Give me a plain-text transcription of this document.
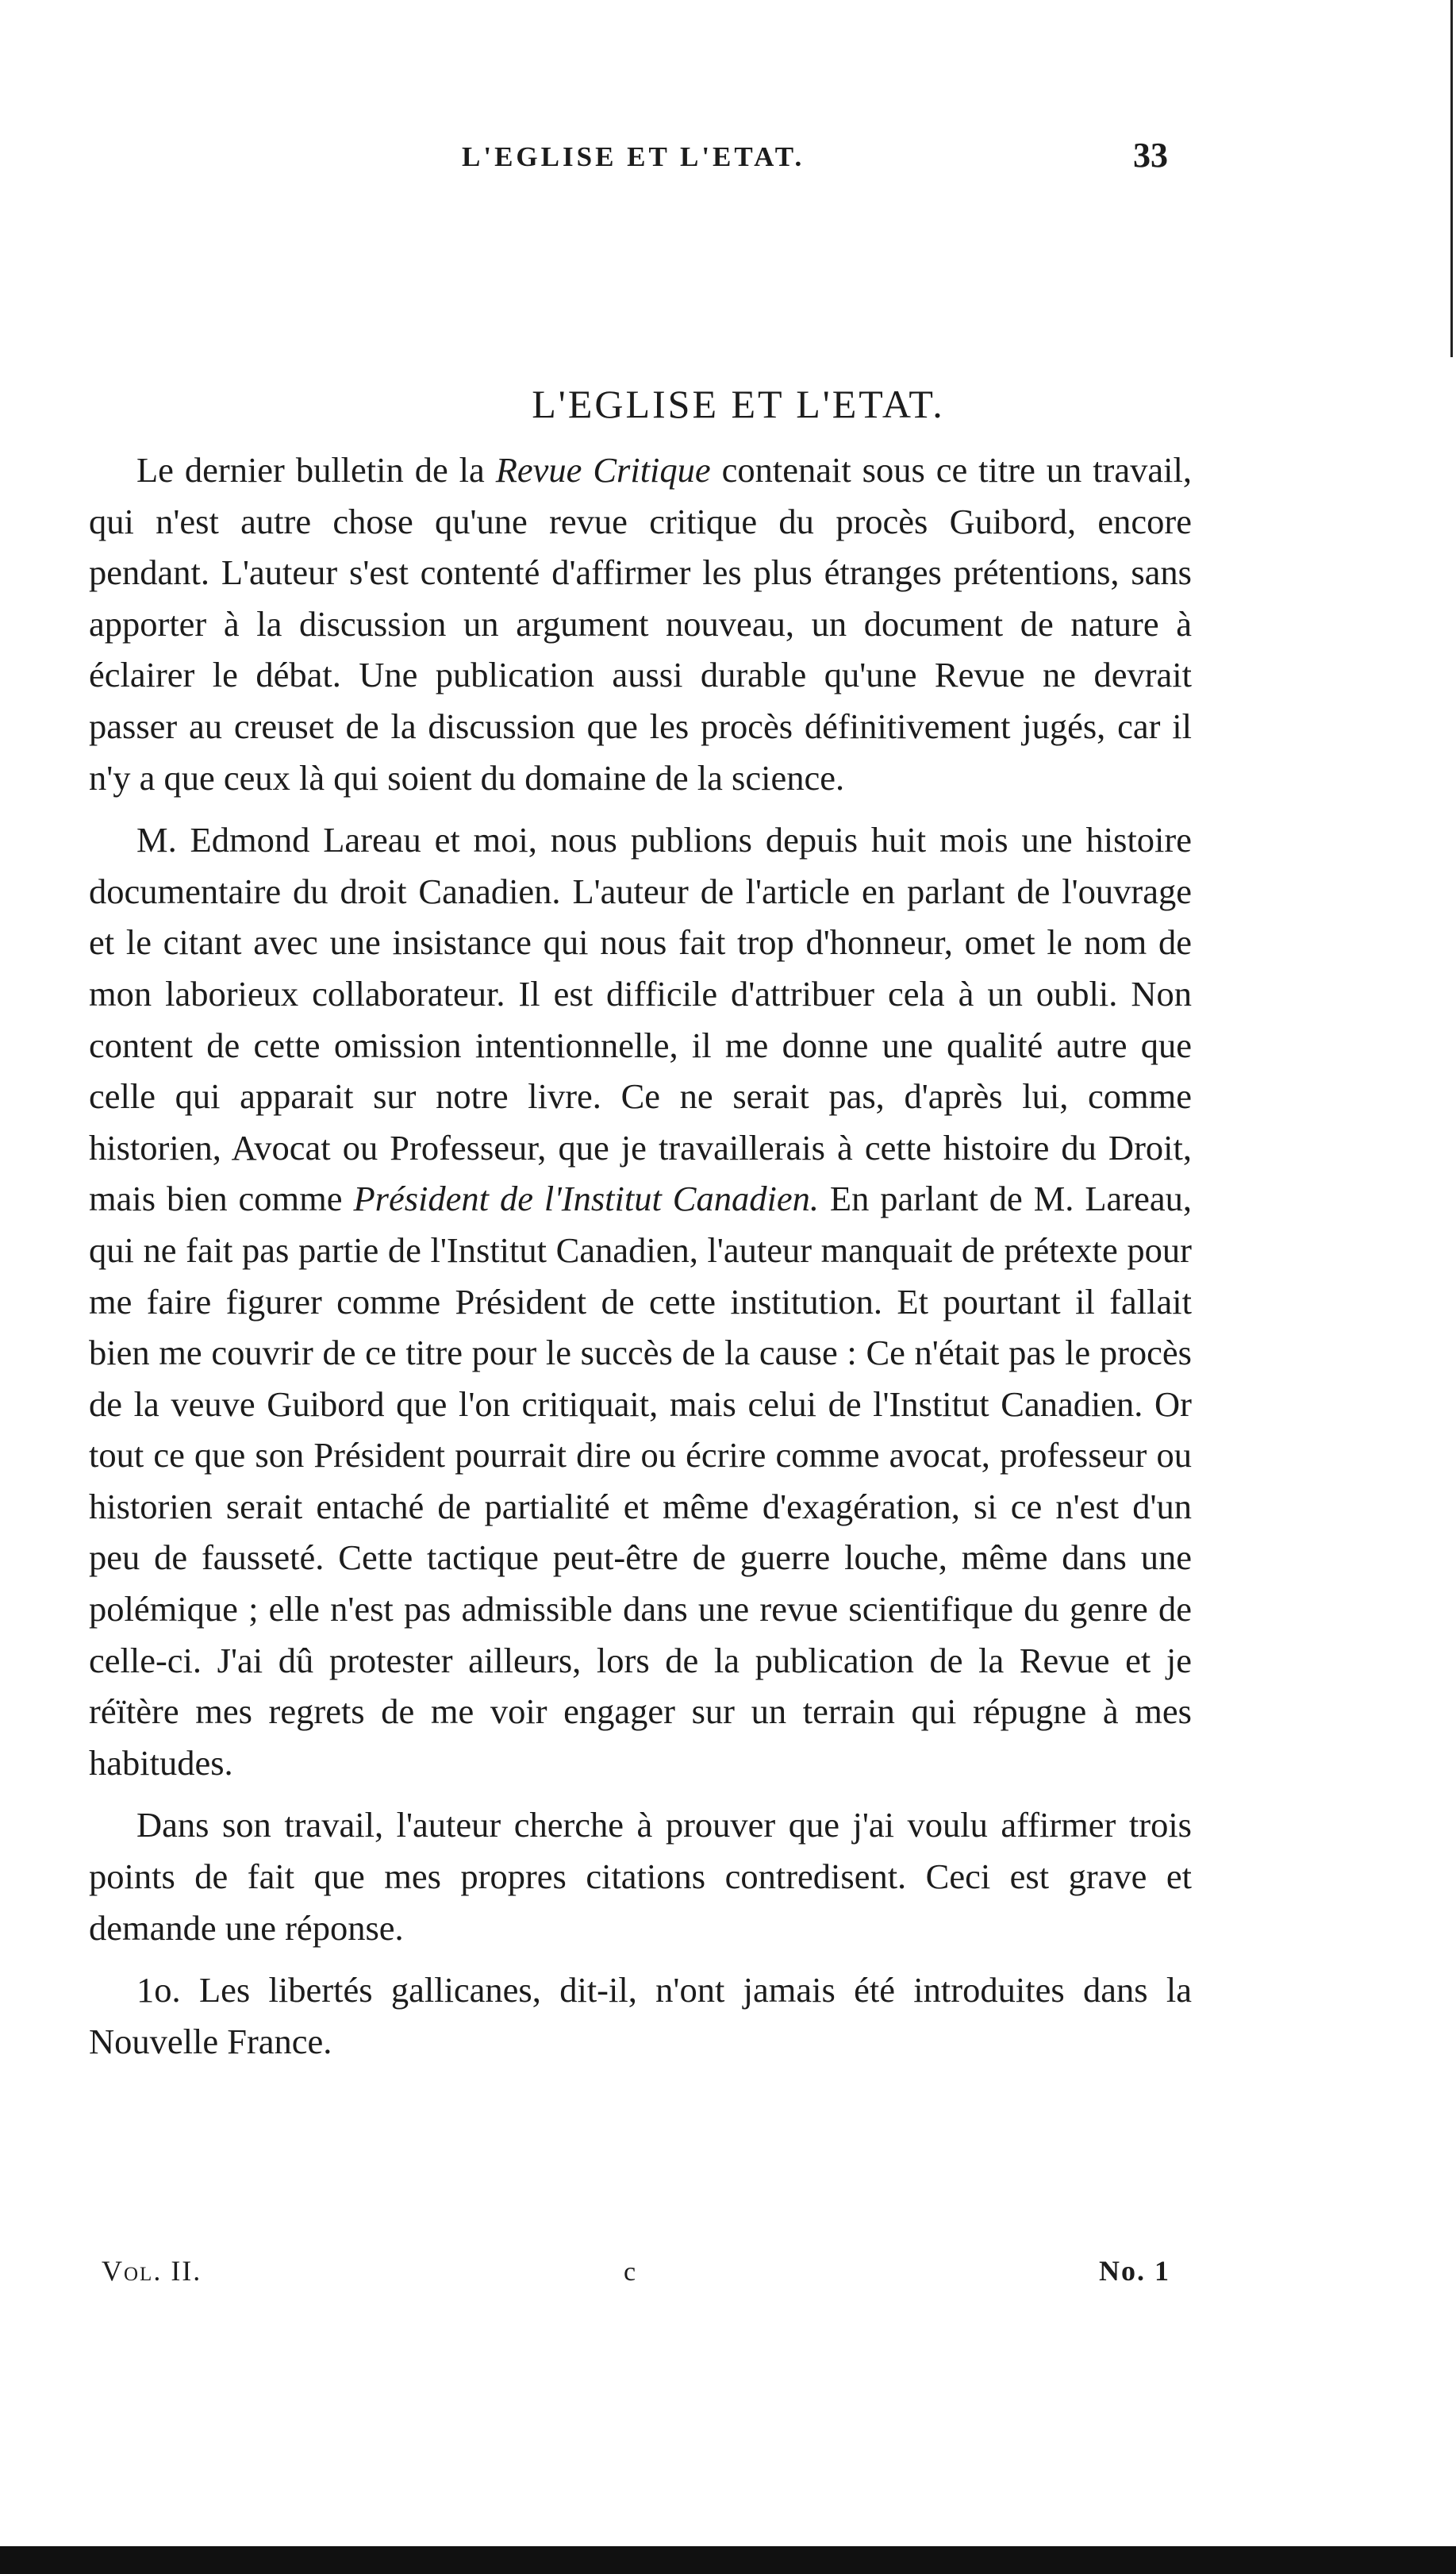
L'EGLISE ET L'ETAT.	33
L'EGLISE ET L'ETAT.

Le dernier bulletin de la Revue Critique contenait sous ce titre un travail, qui n'est autre chose qu'une revue critique du procès Guibord, encore pendant. L'auteur s'est contenté d'affirmer les plus étranges prétentions, sans apporter à la discussion un argument nouveau, un document de nature à éclairer le débat. Une publication aussi durable qu'une Revue ne devrait passer au creuset de la discussion que les procès définitivement jugés, car il n'y a que ceux là qui soient du domaine de la science.

M. Edmond Lareau et moi, nous publions depuis huit mois une histoire documentaire du droit Canadien. L'auteur de l'article en parlant de l'ouvrage et le citant avec une insistance qui nous fait trop d'honneur, omet le nom de mon laborieux collaborateur. Il est difficile d'attribuer cela à un oubli. Non content de cette omission intentionnelle, il me donne une qualité autre que celle qui apparait sur notre livre. Ce ne serait pas, d'après lui, comme historien, Avocat ou Professeur, que je travaillerais à cette histoire du Droit, mais bien comme Président de l'Institut Canadien. En parlant de M. Lareau, qui ne fait pas partie de l'Institut Canadien, l'auteur manquait de prétexte pour me faire figurer comme Président de cette institution. Et pourtant il fallait bien me couvrir de ce titre pour le succès de la cause : Ce n'était pas le procès de la veuve Guibord que l'on critiquait, mais celui de l'Institut Canadien. Or tout ce que son Président pourrait dire ou écrire comme avocat, professeur ou historien serait entaché de partialité et même d'exagération, si ce n'est d'un peu de fausseté. Cette tactique peut-être de guerre louche, même dans une polémique ; elle n'est pas admissible dans une revue scientifique du genre de celle-ci. J'ai dû protester ailleurs, lors de la publication de la Revue et je réïtère mes regrets de me voir engager sur un terrain qui répugne à mes habitudes.

Dans son travail, l'auteur cherche à prouver que j'ai voulu affirmer trois points de fait que mes propres citations contredisent. Ceci est grave et demande une réponse.

1o. Les libertés gallicanes, dit-il, n'ont jamais été introduites dans la Nouvelle France.

Vol. II.	c	No. 1
